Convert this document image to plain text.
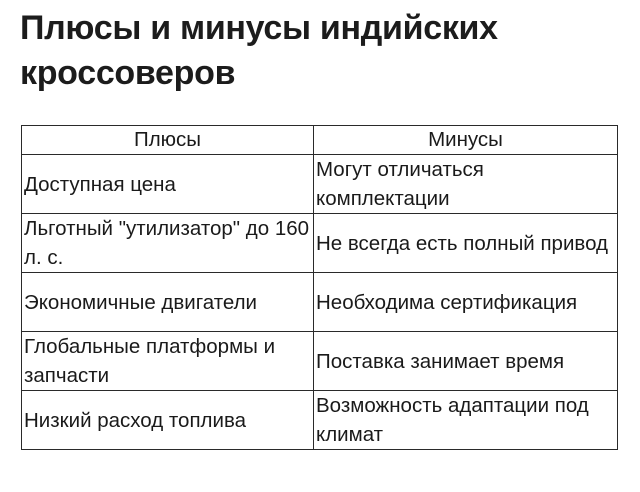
Плюсы и минусы индийских кроссоверов
Плюсы	Минусы
Доступная цена	Могут отличаться комплектации
Льготный "утилизатор" до 160 л. с.	Не всегда есть полный привод
Экономичные двигатели	Необходима сертификация
Глобальные платформы и запчасти	Поставка занимает время
Низкий расход топлива	Возможность адаптации под климат
